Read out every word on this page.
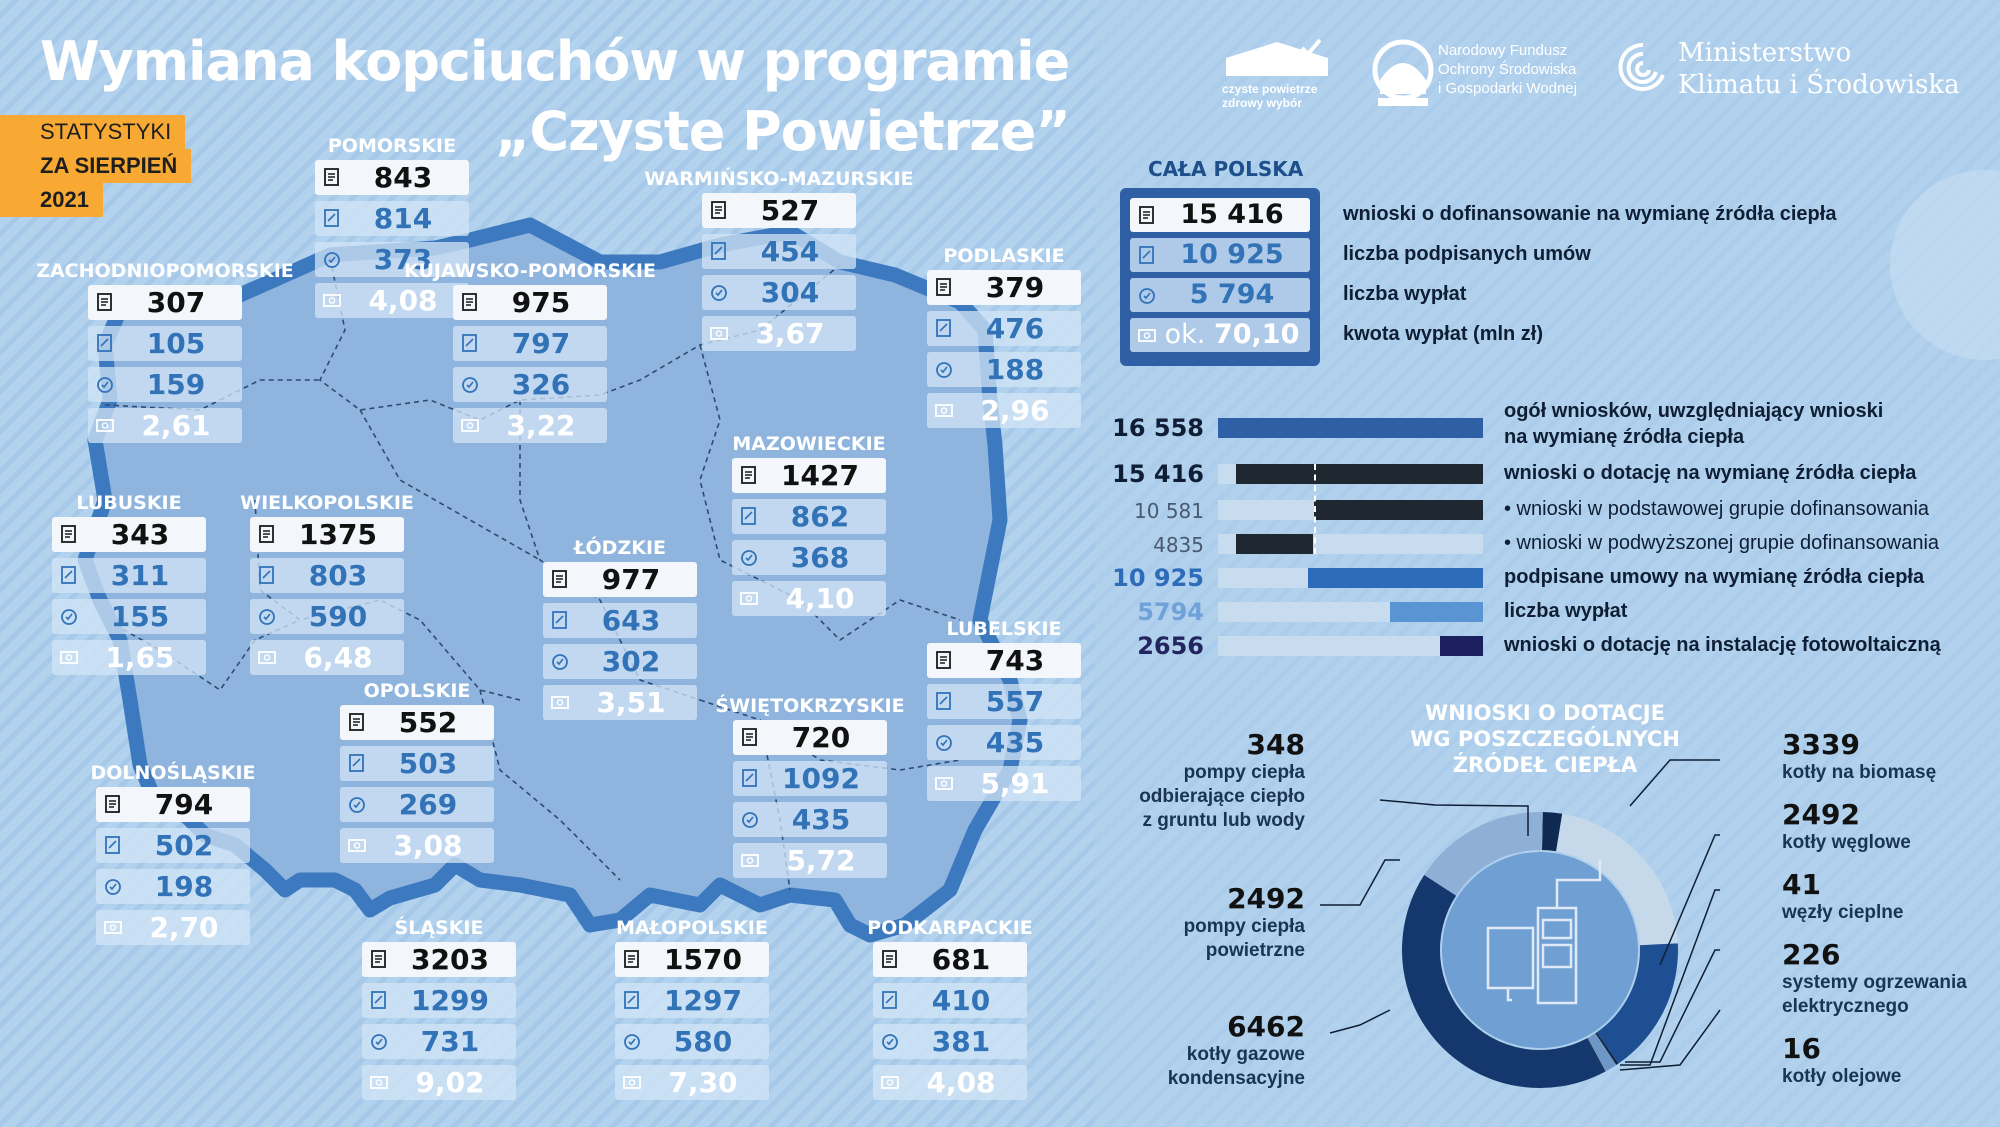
Wymiana kopciuchów w programie
„Czyste Powietrze”
STATYSTYKI
ZA SIERPIEŃ
2021
czyste powietrze
zdrowy wybór
Narodowy Fundusz
Ochrony Środowiska
i Gospodarki Wodnej
Ministerstwo
Klimatu i Środowiska
POMORSKIE
843
814
373
4,08
ZACHODNIOPOMORSKIE
307
105
159
2,61
WARMIŃSKO-MAZURSKIE
527
454
304
3,67
PODLASKIE
379
476
188
2,96
KUJAWSKO-POMORSKIE
975
797
326
3,22
MAZOWIECKIE
1427
862
368
4,10
LUBUSKIE
343
311
155
1,65
WIELKOPOLSKIE
1375
803
590
6,48
ŁÓDZKIE
977
643
302
3,51
LUBELSKIE
743
557
435
5,91
OPOLSKIE
552
503
269
3,08
ŚWIĘTOKRZYSKIE
720
1092
435
5,72
DOLNOŚLĄSKIE
794
502
198
2,70	ŚLĄSKIE
3203
1299
731
9,02
MAŁOPOLSKIE
1570
1297
580
7,30
PODKARPACKIE
681
410
381
4,08
CAŁA POLSKA
15 416	wnioski o dofinansowanie na wymianę źródła ciepła
10 925	liczba podpisanych umów
5 794	liczba wypłat
ok. 70,10	kwota wypłat (mln zł)
16 558
ogół wniosków, uwzględniający wnioski
na wymianę źródła ciepła
15 416	wnioski o dotację na wymianę źródła ciepła
10 581	• wnioski w podstawowej grupie dofinansowania
4835	• wnioski w podwyższonej grupie dofinansowania
10 925	podpisane umowy na wymianę źródła ciepła
5794	liczba wypłat
2656	wnioski o dotację na instalację fotowoltaiczną
WNIOSKI O DOTACJE
WG POSZCZEGÓLNYCH
ŹRÓDEŁ CIEPŁA
348
pompy ciepła
odbierające ciepło
z gruntu lub wody
2492
pompy ciepła
powietrzne
6462
kotły gazowe
kondensacyjne
3339
kotły na biomasę
2492
kotły węglowe
41
węzły cieplne
226
systemy ogrzewania
elektrycznego
16
kotły olejowe
